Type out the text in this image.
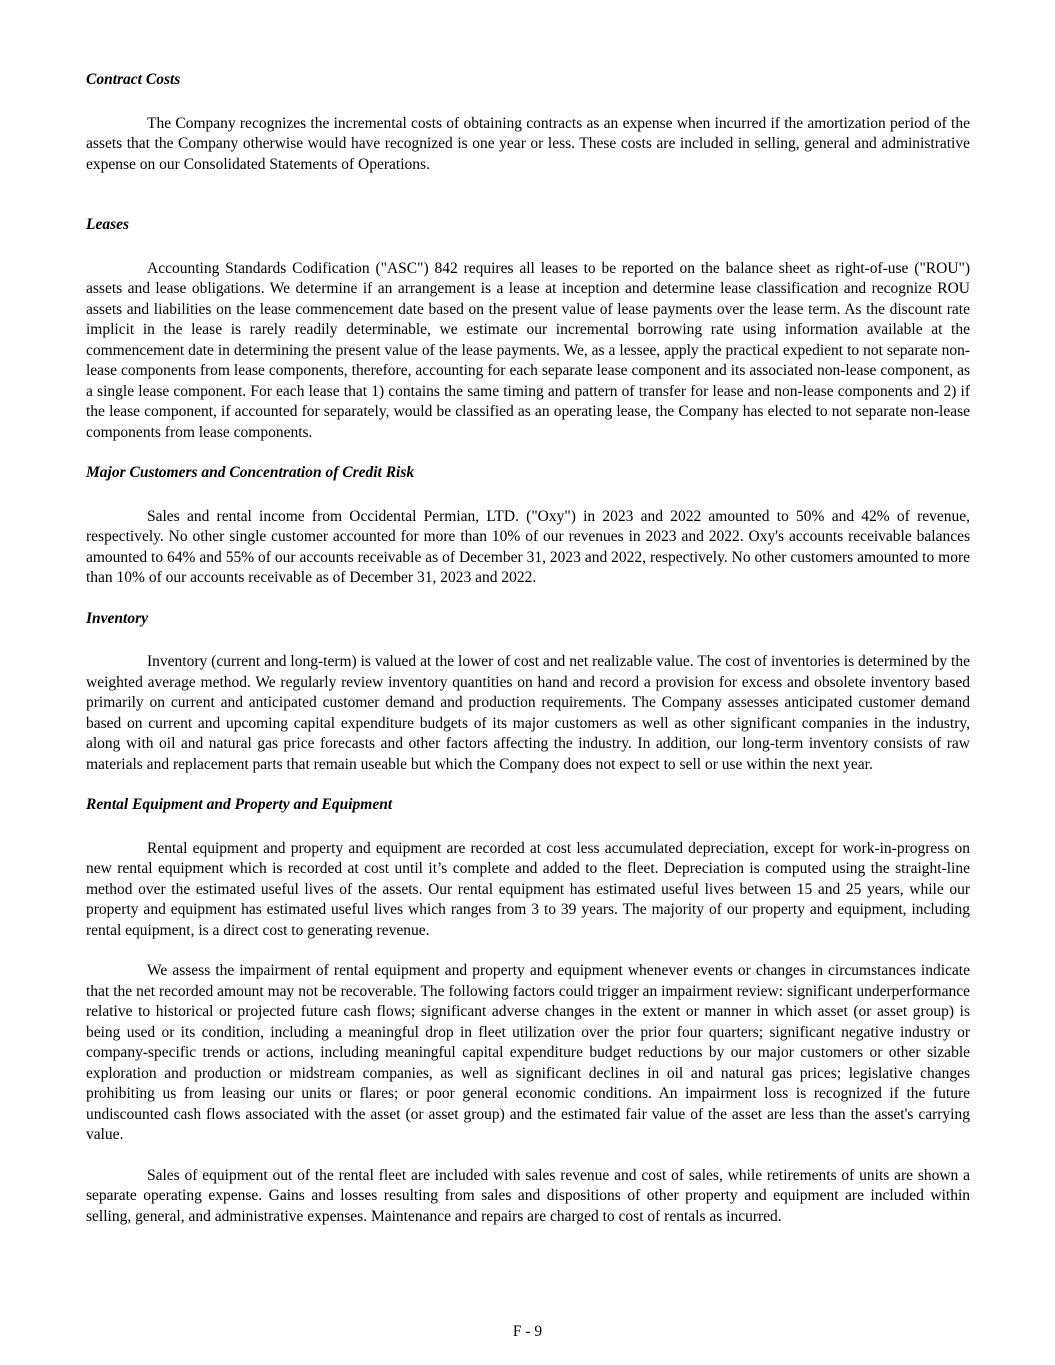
Contract Costs

The Company recognizes the incremental costs of obtaining contracts as an expense when incurred if the amortization period of the assets that the Company otherwise would have recognized is one year or less. These costs are included in selling, general and administrative expense on our Consolidated Statements of Operations.

Leases

Accounting Standards Codification ("ASC") 842 requires all leases to be reported on the balance sheet as right-of-use ("ROU") assets and lease obligations. We determine if an arrangement is a lease at inception and determine lease classification and recognize ROU assets and liabilities on the lease commencement date based on the present value of lease payments over the lease term. As the discount rate implicit in the lease is rarely readily determinable, we estimate our incremental borrowing rate using information available at the commencement date in determining the present value of the lease payments. We, as a lessee, apply the practical expedient to not separate non-lease components from lease components, therefore, accounting for each separate lease component and its associated non-lease component, as a single lease component. For each lease that 1) contains the same timing and pattern of transfer for lease and non-lease components and 2) if the lease component, if accounted for separately, would be classified as an operating lease, the Company has elected to not separate non-lease components from lease components.

Major Customers and Concentration of Credit Risk

Sales and rental income from Occidental Permian, LTD. ("Oxy") in 2023 and 2022 amounted to 50% and 42% of revenue, respectively. No other single customer accounted for more than 10% of our revenues in 2023 and 2022. Oxy's accounts receivable balances amounted to 64% and 55% of our accounts receivable as of December 31, 2023 and 2022, respectively. No other customers amounted to more than 10% of our accounts receivable as of December 31, 2023 and 2022.

Inventory

Inventory (current and long-term) is valued at the lower of cost and net realizable value. The cost of inventories is determined by the weighted average method. We regularly review inventory quantities on hand and record a provision for excess and obsolete inventory based primarily on current and anticipated customer demand and production requirements. The Company assesses anticipated customer demand based on current and upcoming capital expenditure budgets of its major customers as well as other significant companies in the industry, along with oil and natural gas price forecasts and other factors affecting the industry. In addition, our long-term inventory consists of raw materials and replacement parts that remain useable but which the Company does not expect to sell or use within the next year.

Rental Equipment and Property and Equipment

Rental equipment and property and equipment are recorded at cost less accumulated depreciation, except for work-in-progress on new rental equipment which is recorded at cost until it’s complete and added to the fleet. Depreciation is computed using the straight-line method over the estimated useful lives of the assets. Our rental equipment has estimated useful lives between 15 and 25 years, while our property and equipment has estimated useful lives which ranges from 3 to 39 years. The majority of our property and equipment, including rental equipment, is a direct cost to generating revenue.

We assess the impairment of rental equipment and property and equipment whenever events or changes in circumstances indicate that the net recorded amount may not be recoverable. The following factors could trigger an impairment review: significant underperformance relative to historical or projected future cash flows; significant adverse changes in the extent or manner in which asset (or asset group) is being used or its condition, including a meaningful drop in fleet utilization over the prior four quarters; significant negative industry or company-specific trends or actions, including meaningful capital expenditure budget reductions by our major customers or other sizable exploration and production or midstream companies, as well as significant declines in oil and natural gas prices; legislative changes prohibiting us from leasing our units or flares; or poor general economic conditions. An impairment loss is recognized if the future undiscounted cash flows associated with the asset (or asset group) and the estimated fair value of the asset are less than the asset's carrying value.

Sales of equipment out of the rental fleet are included with sales revenue and cost of sales, while retirements of units are shown a separate operating expense. Gains and losses resulting from sales and dispositions of other property and equipment are included within selling, general, and administrative expenses. Maintenance and repairs are charged to cost of rentals as incurred.

F - 9
